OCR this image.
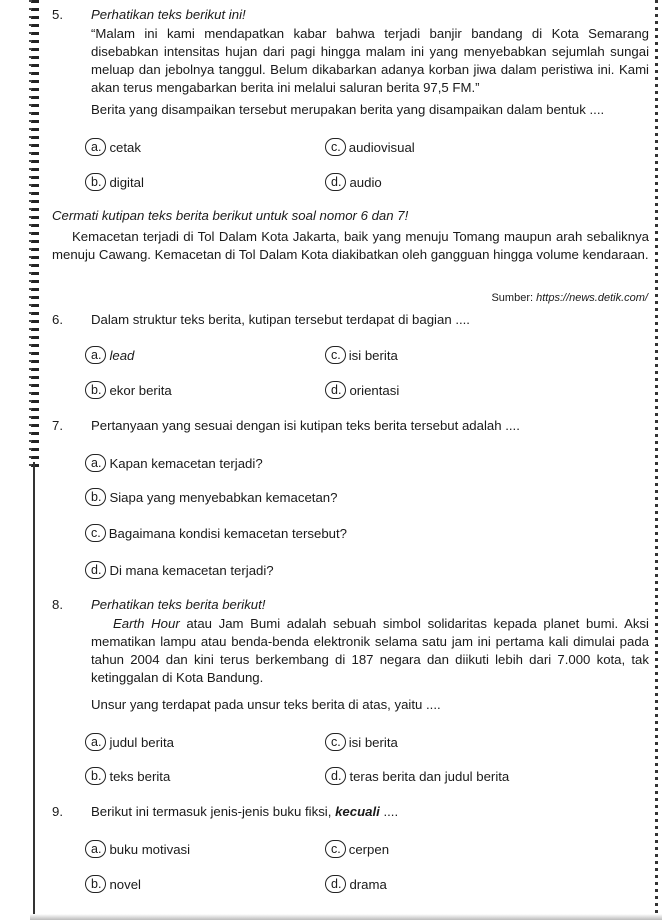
5. Perhatikan teks berikut ini!
“Malam ini kami mendapatkan kabar bahwa terjadi banjir bandang di Kota Semarang disebabkan intensitas hujan dari pagi hingga malam ini yang menyebabkan sejumlah sungai meluap dan jebolnya tanggul. Belum dikabarkan adanya korban jiwa dalam peristiwa ini. Kami akan terus mengabarkan berita ini melalui saluran berita 97,5 FM.”
Berita yang disampaikan tersebut merupakan berita yang disampaikan dalam bentuk ....
a. cetak	c. audiovisual
b. digital	d. audio
Cermati kutipan teks berita berikut untuk soal nomor 6 dan 7!
Kemacetan terjadi di Tol Dalam Kota Jakarta, baik yang menuju Tomang maupun arah sebaliknya menuju Cawang. Kemacetan di Tol Dalam Kota diakibatkan oleh gangguan hingga volume kendaraan.
Sumber: https://news.detik.com/
6. Dalam struktur teks berita, kutipan tersebut terdapat di bagian ....
a. lead	c. isi berita
b. ekor berita	d. orientasi
7. Pertanyaan yang sesuai dengan isi kutipan teks berita tersebut adalah ....
a. Kapan kemacetan terjadi?
b. Siapa yang menyebabkan kemacetan?
c. Bagaimana kondisi kemacetan tersebut?
d. Di mana kemacetan terjadi?
8. Perhatikan teks berita berikut!
Earth Hour atau Jam Bumi adalah sebuah simbol solidaritas kepada planet bumi. Aksi mematikan lampu atau benda-benda elektronik selama satu jam ini pertama kali dimulai pada tahun 2004 dan kini terus berkembang di 187 negara dan diikuti lebih dari 7.000 kota, tak ketinggalan di Kota Bandung.
Unsur yang terdapat pada unsur teks berita di atas, yaitu ....
a. judul berita	c. isi berita
b. teks berita	d. teras berita dan judul berita
9. Berikut ini termasuk jenis-jenis buku fiksi, kecuali ....
a. buku motivasi	c. cerpen
b. novel	d. drama
